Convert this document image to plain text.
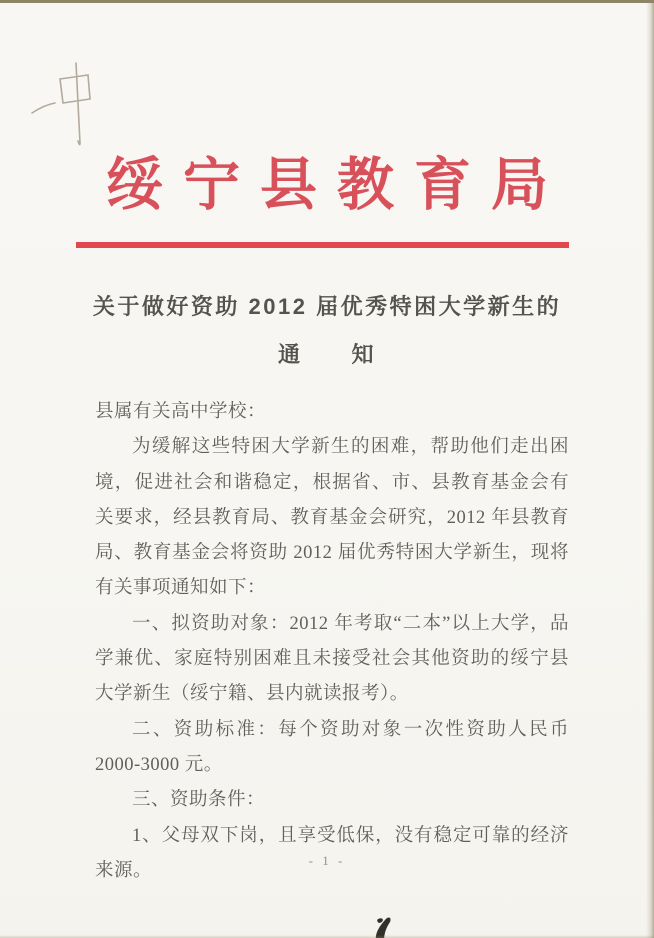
绥宁县教育局
关于做好资助 2012 届优秀特困大学新生的
通　　知

县属有关高中学校：

为缓解这些特困大学新生的困难，帮助他们走出困境，促进社会和谐稳定，根据省、市、县教育基金会有关要求，经县教育局、教育基金会研究，2012 年县教育局、教育基金会将资助 2012 届优秀特困大学新生，现将有关事项通知如下：

一、拟资助对象：2012 年考取“二本”以上大学，品学兼优、家庭特别困难且未接受社会其他资助的绥宁县大学新生（绥宁籍、县内就读报考）。

二、资助标准：每个资助对象一次性资助人民币 2000-3000 元。

三、资助条件：

1、父母双下岗，且享受低保，没有稳定可靠的经济来源。

- 1 -
